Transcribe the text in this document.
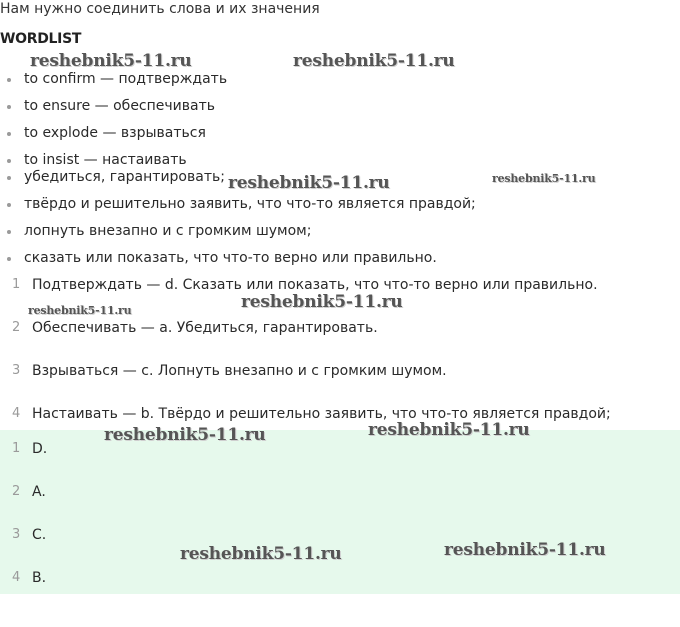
Нам нужно соединить слова и их значения
WORDLIST
to confirm — подтверждать
to ensure — обеспечивать
to explode — взрываться
to insist — настаивать
убедиться, гарантировать;
твёрдо и решительно заявить, что что-то является правдой;
лопнуть внезапно и с громким шумом;
сказать или показать, что что-то верно или правильно.
1 Подтверждать — d. Сказать или показать, что что-то верно или правильно.
2 Обеспечивать — a. Убедиться, гарантировать.
3 Взрываться — c. Лопнуть внезапно и с громким шумом.
4 Настаивать — b. Твёрдо и решительно заявить, что что-то является правдой;
1 D.
2 A.
3 C.
4 B.
reshebnik5-11.ru	reshebnik5-11.ru
reshebnik5-11.ru	reshebnik5-11.ru
reshebnik5-11.ru	reshebnik5-11.ru
reshebnik5-11.ru	reshebnik5-11.ru
reshebnik5-11.ru	reshebnik5-11.ru
